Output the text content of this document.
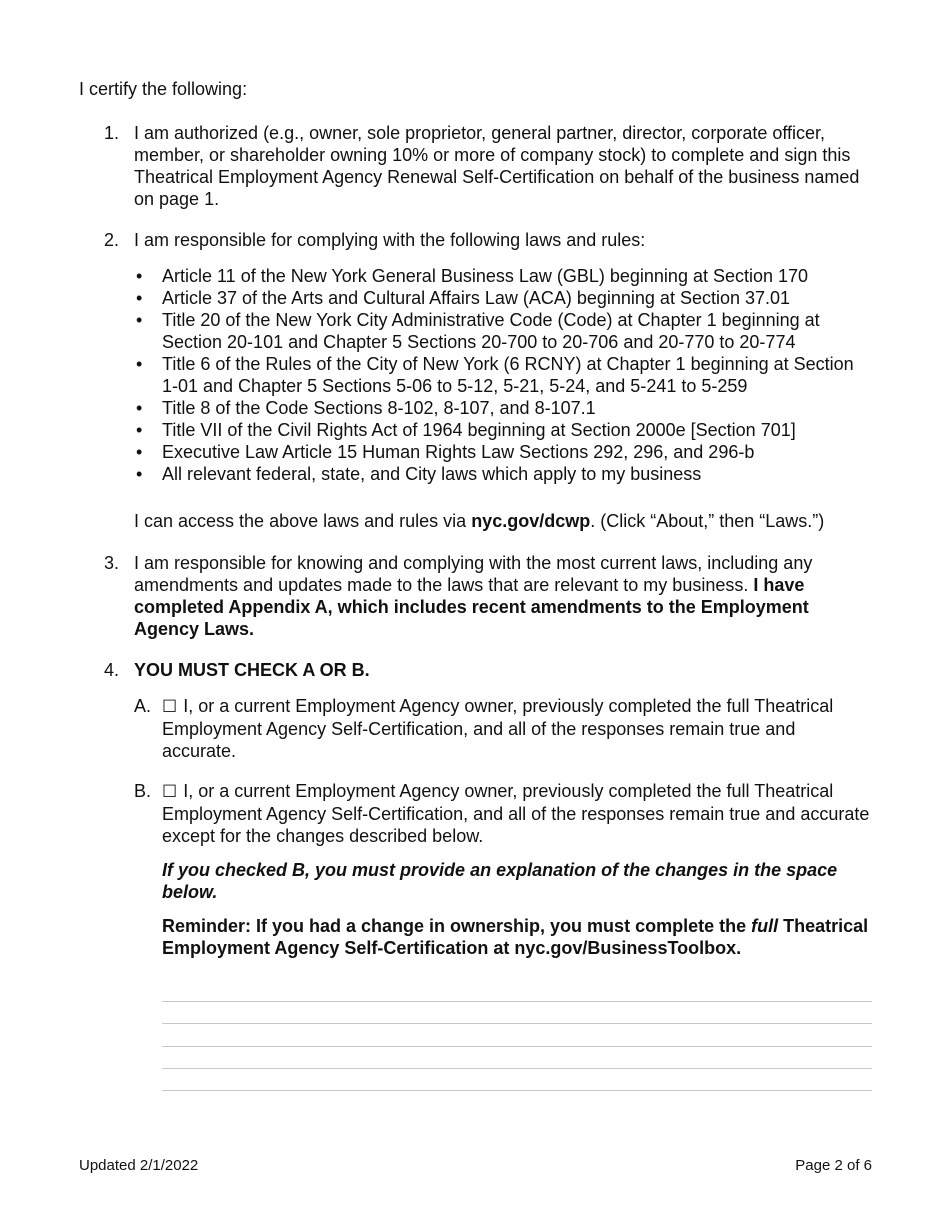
I certify the following:
1. I am authorized (e.g., owner, sole proprietor, general partner, director, corporate officer, member, or shareholder owning 10% or more of company stock) to complete and sign this Theatrical Employment Agency Renewal Self-Certification on behalf of the business named on page 1.
2. I am responsible for complying with the following laws and rules:
• Article 11 of the New York General Business Law (GBL) beginning at Section 170
• Article 37 of the Arts and Cultural Affairs Law (ACA) beginning at Section 37.01
• Title 20 of the New York City Administrative Code (Code) at Chapter 1 beginning at Section 20-101 and Chapter 5 Sections 20-700 to 20-706 and 20-770 to 20-774
• Title 6 of the Rules of the City of New York (6 RCNY) at Chapter 1 beginning at Section 1-01 and Chapter 5 Sections 5-06 to 5-12, 5-21, 5-24, and 5-241 to 5-259
• Title 8 of the Code Sections 8-102, 8-107, and 8-107.1
• Title VII of the Civil Rights Act of 1964 beginning at Section 2000e [Section 701]
• Executive Law Article 15 Human Rights Law Sections 292, 296, and 296-b
• All relevant federal, state, and City laws which apply to my business
I can access the above laws and rules via nyc.gov/dcwp. (Click “About,” then “Laws.”)
3. I am responsible for knowing and complying with the most current laws, including any amendments and updates made to the laws that are relevant to my business. I have completed Appendix A, which includes recent amendments to the Employment Agency Laws.
4. YOU MUST CHECK A OR B.
A. ☐ I, or a current Employment Agency owner, previously completed the full Theatrical Employment Agency Self-Certification, and all of the responses remain true and accurate.
B. ☐ I, or a current Employment Agency owner, previously completed the full Theatrical Employment Agency Self-Certification, and all of the responses remain true and accurate except for the changes described below.
If you checked B, you must provide an explanation of the changes in the space below.
Reminder: If you had a change in ownership, you must complete the full Theatrical Employment Agency Self-Certification at nyc.gov/BusinessToolbox.
Updated 2/1/2022	Page 2 of 6
